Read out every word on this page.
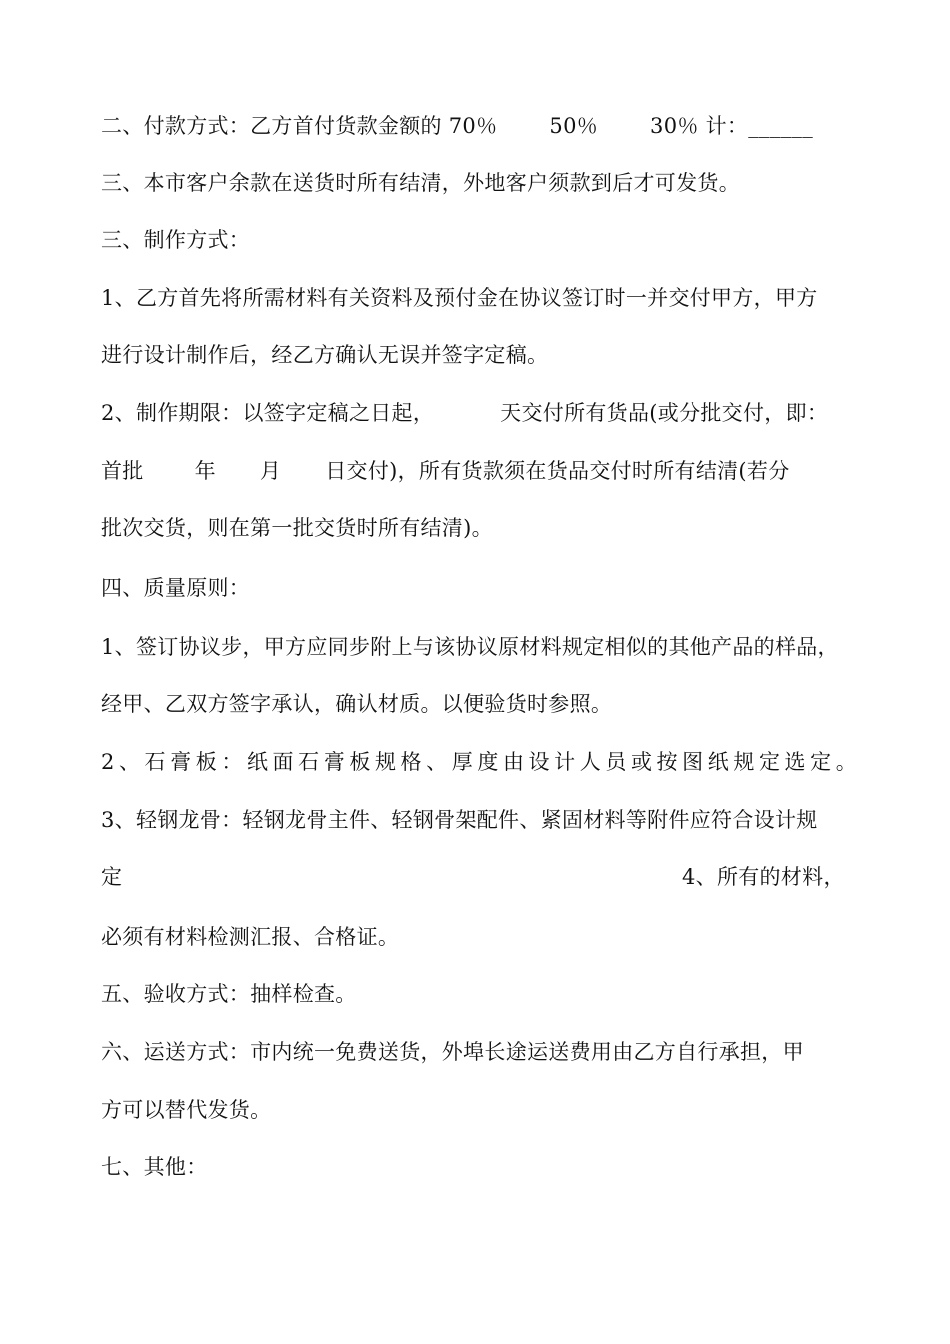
二、付款方式：乙方首付货款金额的 70％ 50％ 30％ 计：______
三、本市客户余款在送货时所有结清，外地客户须款到后才可发货。
三、制作方式：
1、乙方首先将所需材料有关资料及预付金在协议签订时一并交付甲方，甲方
进行设计制作后，经乙方确认无误并签字定稿。
2、制作期限：以签字定稿之日起，	天交付所有货品(或分批交付，即：
首批 年 月 日交付)，所有货款须在货品交付时所有结清(若分
批次交货，则在第一批交货时所有结清)。
四、质量原则：
1、签订协议步，甲方应同步附上与该协议原材料规定相似的其他产品的样品，
经甲、乙双方签字承认，确认材质。以便验货时参照。
2、石膏板：纸面石膏板规格、厚度由设计人员或按图纸规定选定。
3、轻钢龙骨：轻钢龙骨主件、轻钢骨架配件、紧固材料等附件应符合设计规
定	4、所有的材料，
必须有材料检测汇报、合格证。
五、验收方式：抽样检查。
六、运送方式：市内统一免费送货，外埠长途运送费用由乙方自行承担，甲
方可以替代发货。
七、其他：
